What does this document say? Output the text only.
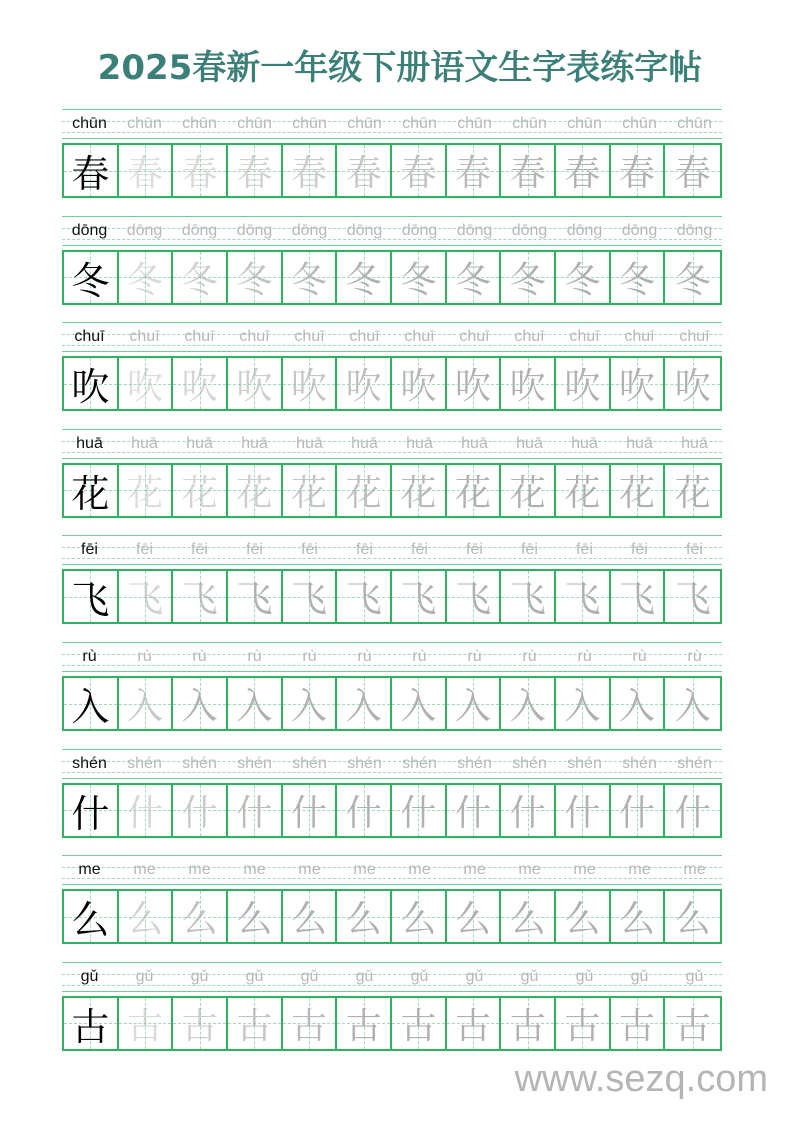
2025春新一年级下册语文生字表练字帖
chūn	chūn	chūn	chūn	chūn	chūn	chūn	chūn	chūn	chūn	chūn	chūn
春 春 春 春 春 春 春 春 春 春 春 春
dōng	dōng	dōng	dōng	dōng	dōng	dōng	dōng	dōng	dōng	dōng	dōng
冬 冬 冬 冬 冬 冬 冬 冬 冬 冬 冬 冬
chuī	chuī	chuī	chuī	chuī	chuī	chuī	chuī	chuī	chuī	chuī	chuī
吹 吹 吹 吹 吹 吹 吹 吹 吹 吹 吹 吹
huā	huā	huā	huā	huā	huā	huā	huā	huā	huā	huā	huā
花 花 花 花 花 花 花 花 花 花 花 花
fēi	fēi	fēi	fēi	fēi	fēi	fēi	fēi	fēi	fēi	fēi	fēi
飞 飞 飞 飞 飞 飞 飞 飞 飞 飞 飞 飞
rù	rù	rù	rù	rù	rù	rù	rù	rù	rù	rù	rù
入 入 入 入 入 入 入 入 入 入 入 入
shén	shén	shén	shén	shén	shén	shén	shén	shén	shén	shén	shén
什 什 什 什 什 什 什 什 什 什 什 什
me	me	me	me	me	me	me	me	me	me	me	me
么 么 么 么 么 么 么 么 么 么 么 么
gǔ	gǔ	gǔ	gǔ	gǔ	gǔ	gǔ	gǔ	gǔ	gǔ	gǔ	gǔ
古 古 古 古 古 古 古 古 古 古 古 古
www.sezq.com
